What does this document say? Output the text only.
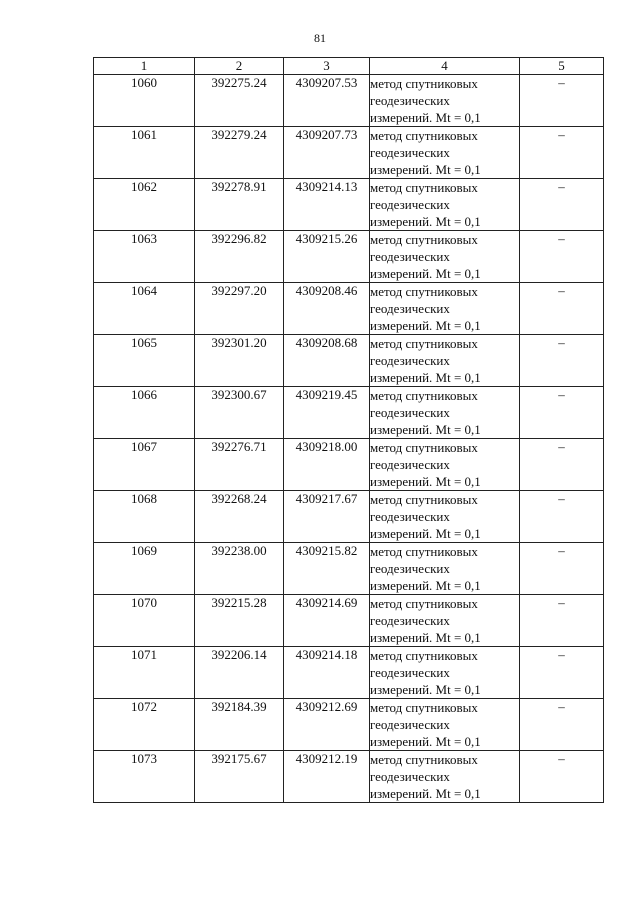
81
1	2	3	4	5
1060	392275.24	4309207.53	метод спутниковых
геодезических
измерений. Mt = 0,1	–
1061	392279.24	4309207.73	метод спутниковых
геодезических
измерений. Mt = 0,1	–
1062	392278.91	4309214.13	метод спутниковых
геодезических
измерений. Mt = 0,1	–
1063	392296.82	4309215.26	метод спутниковых
геодезических
измерений. Mt = 0,1	–
1064	392297.20	4309208.46	метод спутниковых
геодезических
измерений. Mt = 0,1	–
1065	392301.20	4309208.68	метод спутниковых
геодезических
измерений. Mt = 0,1	–
1066	392300.67	4309219.45	метод спутниковых
геодезических
измерений. Mt = 0,1	–
1067	392276.71	4309218.00	метод спутниковых
геодезических
измерений. Mt = 0,1	–
1068	392268.24	4309217.67	метод спутниковых
геодезических
измерений. Mt = 0,1	–
1069	392238.00	4309215.82	метод спутниковых
геодезических
измерений. Mt = 0,1	–
1070	392215.28	4309214.69	метод спутниковых
геодезических
измерений. Mt = 0,1	–
1071	392206.14	4309214.18	метод спутниковых
геодезических
измерений. Mt = 0,1	–
1072	392184.39	4309212.69	метод спутниковых
геодезических
измерений. Mt = 0,1	–
1073	392175.67	4309212.19	метод спутниковых
геодезических
измерений. Mt = 0,1	–
